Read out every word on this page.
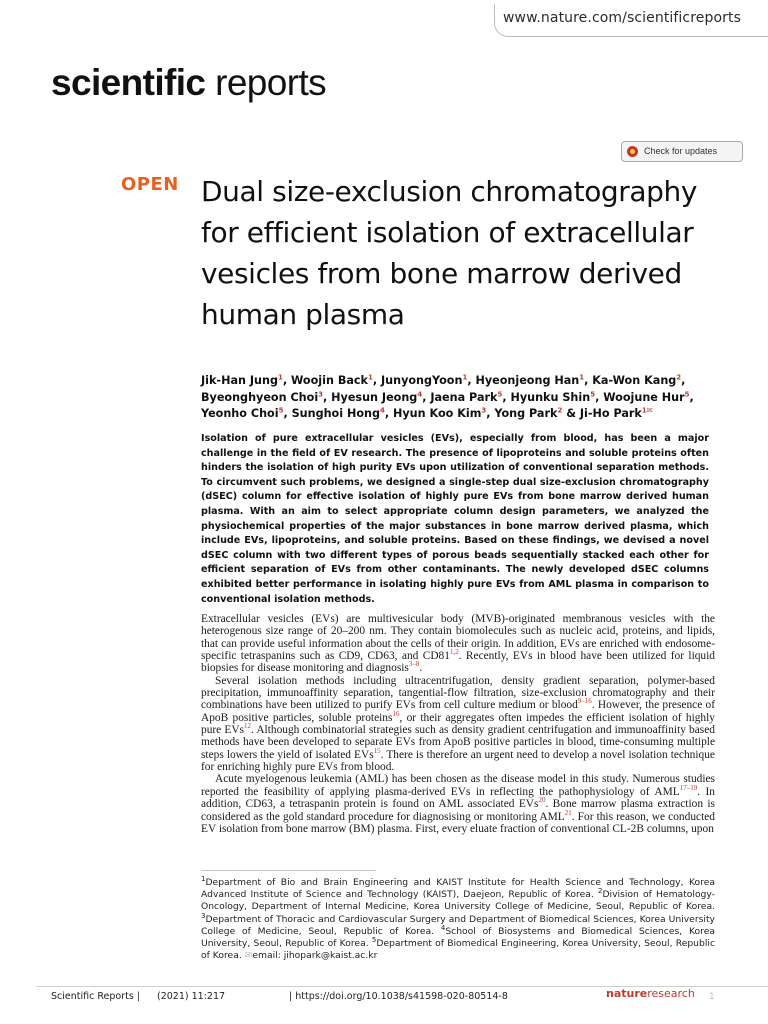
www.nature.com/scientificreports
scientific reports
Check for updates
OPEN Dual size-exclusion chromatography for efficient isolation of extracellular vesicles from bone marrow derived human plasma
Jik-Han Jung$^1$, Woojin Back$^1$, JunyongYoon$^1$, Hyeonjeong Han$^1$, Ka-Won Kang$^2$, Byeonghyeon Choi$^3$, Hyesun Jeong$^4$, Jaena Park$^5$, Hyunku Shin$^5$, Woojune Hur$^5$, Yeonho Choi$^5$, Sunghoi Hong$^4$, Hyun Koo Kim$^3$, Yong Park$^2$ & Ji-Ho Park$^{1✉}$
Isolation of pure extracellular vesicles (EVs), especially from blood, has been a major challenge in the field of EV research. The presence of lipoproteins and soluble proteins often hinders the isolation of high purity EVs upon utilization of conventional separation methods. To circumvent such problems, we designed a single-step dual size-exclusion chromatography (dSEC) column for effective isolation of highly pure EVs from bone marrow derived human plasma. With an aim to select appropriate column design parameters, we analyzed the physiochemical properties of the major substances in bone marrow derived plasma, which include EVs, lipoproteins, and soluble proteins. Based on these findings, we devised a novel dSEC column with two different types of porous beads sequentially stacked each other for efficient separation of EVs from other contaminants. The newly developed dSEC columns exhibited better performance in isolating highly pure EVs from AML plasma in comparison to conventional isolation methods.

Extracellular vesicles (EVs) are multivesicular body (MVB)-originated membranous vesicles with the heterogenous size range of 20–200 nm. They contain biomolecules such as nucleic acid, proteins, and lipids, that can provide useful information about the cells of their origin. In addition, EVs are enriched with endosome-specific tetraspanins such as CD9, CD63, and CD81$^{1,2}$. Recently, EVs in blood have been utilized for liquid biopsies for disease monitoring and diagnosis$^{3-8}$.

Several isolation methods including ultracentrifugation, density gradient separation, polymer-based precipitation, immunoaffinity separation, tangential-flow filtration, size-exclusion chromatography and their combinations have been utilized to purify EVs from cell culture medium or blood$^{9-16}$. However, the presence of ApoB positive particles, soluble proteins$^{16}$, or their aggregates often impedes the efficient isolation of highly pure EVs$^{12}$. Although combinatorial strategies such as density gradient centrifugation and immunoaffinity based methods have been developed to separate EVs from ApoB positive particles in blood, time-consuming multiple steps lowers the yield of isolated EVs$^{15}$. There is therefore an urgent need to develop a novel isolation technique for enriching highly pure EVs from blood.

Acute myelogenous leukemia (AML) has been chosen as the disease model in this study. Numerous studies reported the feasibility of applying plasma-derived EVs in reflecting the pathophysiology of AML$^{17-19}$. In addition, CD63, a tetraspanin protein is found on AML associated EVs$^{20}$. Bone marrow plasma extraction is considered as the gold standard procedure for diagnosising or monitoring AML$^{21}$. For this reason, we conducted EV isolation from bone marrow (BM) plasma. First, every eluate fraction of conventional CL-2B columns, upon

$^1$Department of Bio and Brain Engineering and KAIST Institute for Health Science and Technology, Korea Advanced Institute of Science and Technology (KAIST), Daejeon, Republic of Korea. $^2$Division of Hematology-Oncology, Department of Internal Medicine, Korea University College of Medicine, Seoul, Republic of Korea. $^3$Department of Thoracic and Cardiovascular Surgery and Department of Biomedical Sciences, Korea University College of Medicine, Seoul, Republic of Korea. $^4$School of Biosystems and Biomedical Sciences, Korea University, Seoul, Republic of Korea. $^5$Department of Biomedical Engineering, Korea University, Seoul, Republic of Korea. ✉email: jihopark@kaist.ac.kr
Scientific Reports | (2021) 11:217	| https://doi.org/10.1038/s41598-020-80514-8	natureresearch 1
